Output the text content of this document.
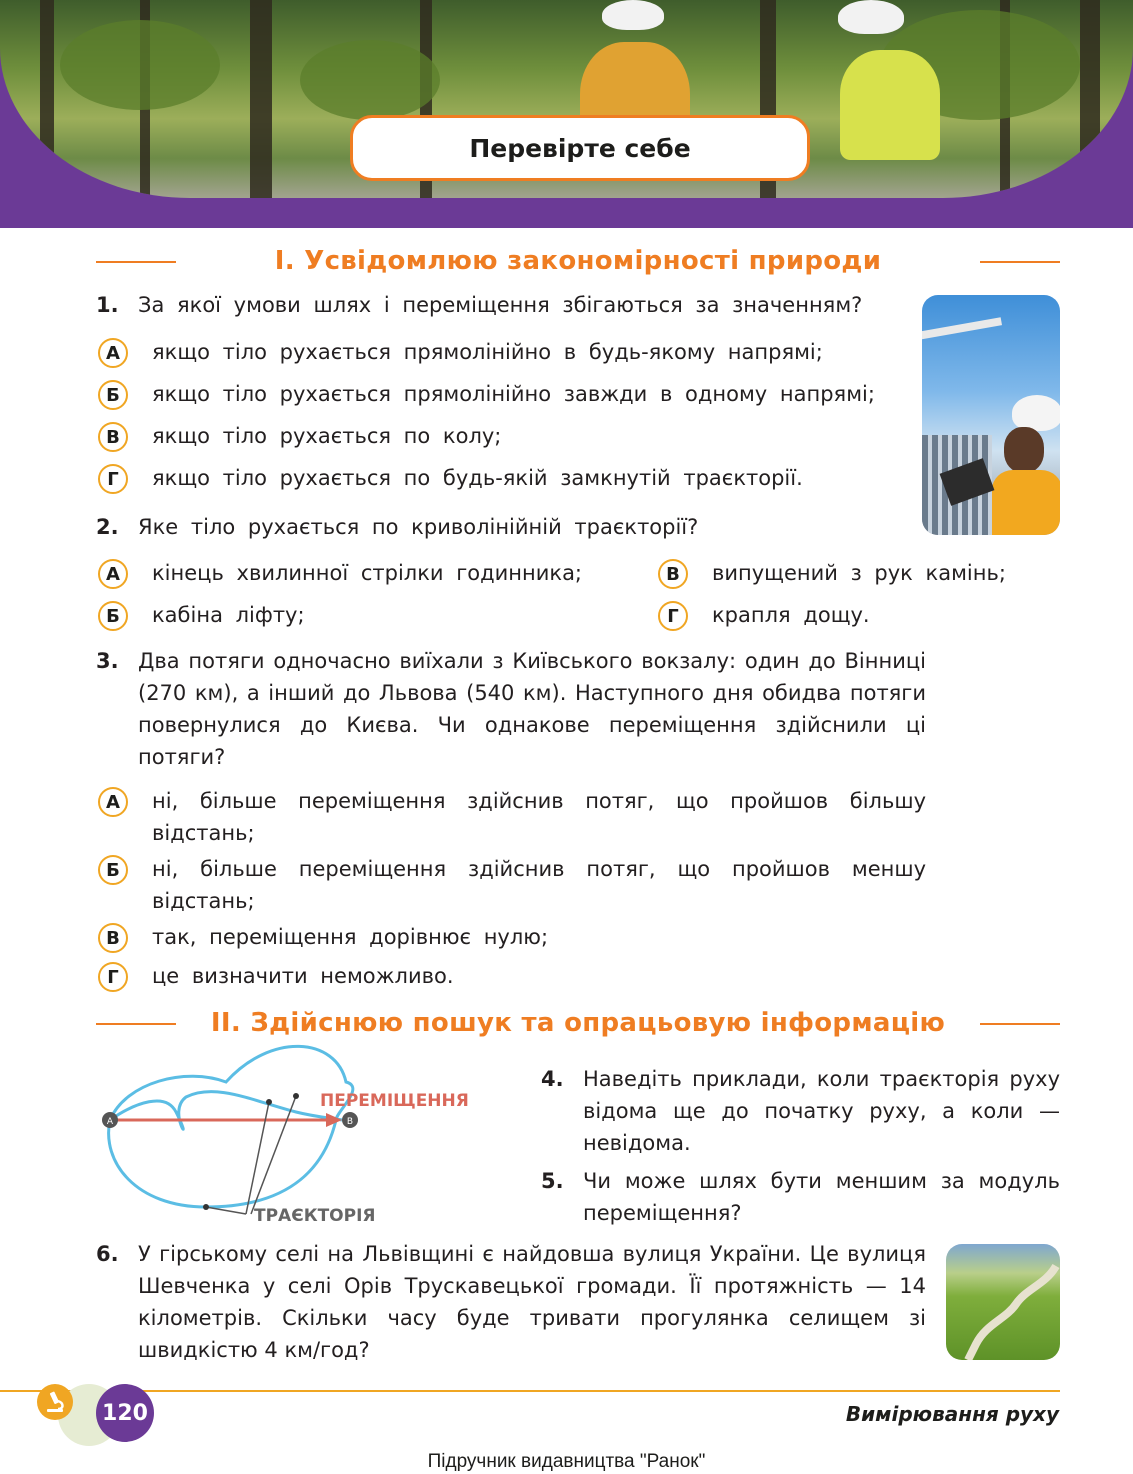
Перевірте себе
I. Усвідомлюю закономірності природи
1. За якої умови шлях і переміщення збігаються за значенням?
А	якщо тіло рухається прямолінійно в будь-якому напрямі;
Б	якщо тіло рухається прямолінійно завжди в одному напрямі;
В	якщо тіло рухається по колу;
Г	якщо тіло рухається по будь-якій замкнутій траєкторії.
2. Яке тіло рухається по криволінійній траєкторії?
А	кінець хвилинної стрілки годинника;
Б	кабіна ліфту;
В	випущений з рук камінь;
Г	крапля дощу.
3. Два потяги одночасно виїхали з Київського вокзалу: один до Вінниці (270 км), а інший до Львова (540 км). Наступного дня обидва потяги повернулися до Києва. Чи однакове переміщення здійснили ці потяги?
А	ні, більше переміщення здійснив потяг, що пройшов більшу відстань;
Б	ні, більше переміщення здійснив потяг, що пройшов меншу відстань;
В	так, переміщення дорівнює нулю;
Г	це визначити неможливо.
II. Здійснюю пошук та опрацьовую інформацію
A	B
ПЕРЕМІЩЕННЯ
ТРАЄКТОРІЯ
4. Наведіть приклади, коли траєкторія руху відома ще до початку руху, а коли — невідома.
5. Чи може шлях бути меншим за модуль переміщення?
6. У гірському селі на Львівщині є найдовша вулиця України. Це вулиця Шевченка у селі Орів Трускавецької громади. Її протяжність — 14 кілометрів. Скільки часу буде тривати прогулянка селищем зі швидкістю 4 км/год?
120	Вимірювання руху
Підручник видавництва "Ранок"
